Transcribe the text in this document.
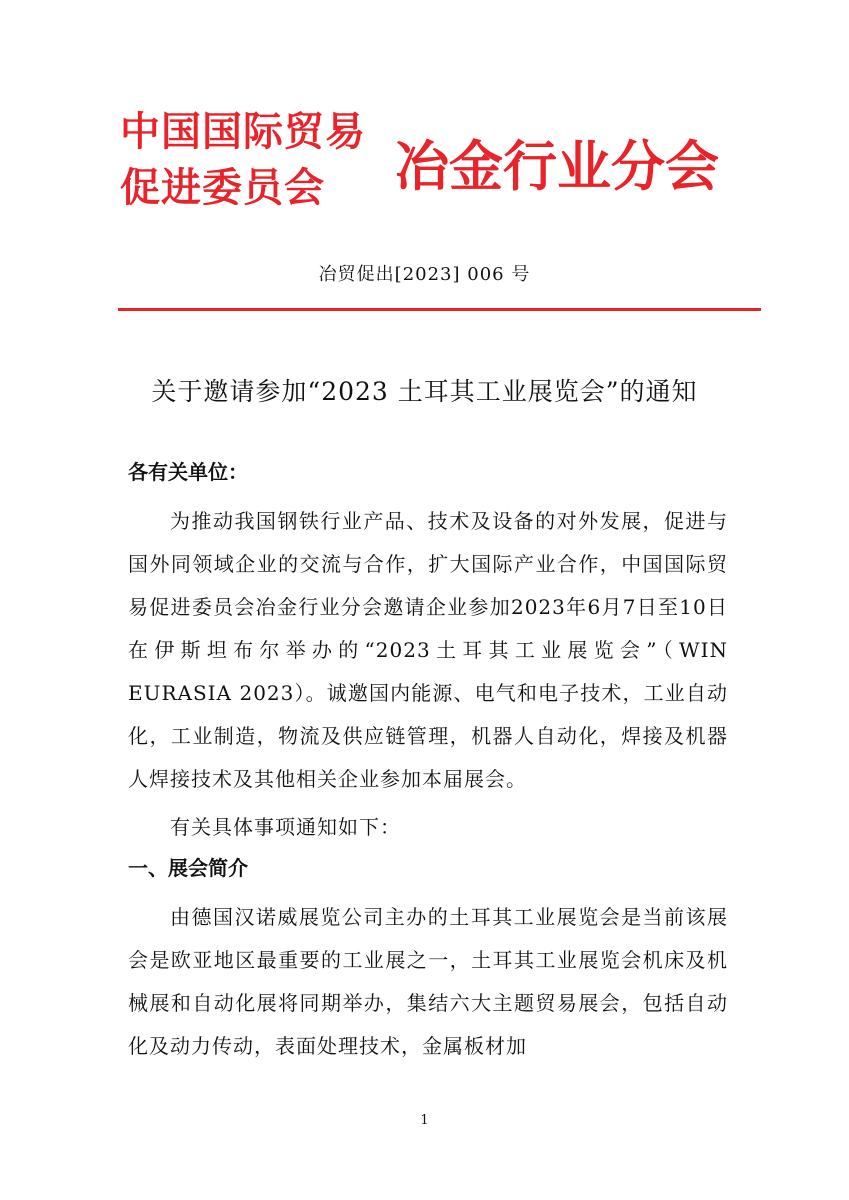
中国国际贸易
促进委员会	冶金行业分会
冶贸促出[2023] 006 号
关于邀请参加“2023 土耳其工业展览会”的通知
各有关单位：
为推动我国钢铁行业产品、技术及设备的对外发展，促进与国外同领域企业的交流与合作，扩大国际产业合作，中国国际贸易促进委员会冶金行业分会邀请企业参加2023年6月7日至10日在伊斯坦布尔举办的“2023土耳其工业展览会”（WIN EURASIA 2023）。诚邀国内能源、电气和电子技术，工业自动化，工业制造，物流及供应链管理，机器人自动化，焊接及机器人焊接技术及其他相关企业参加本届展会。
有关具体事项通知如下：
一、展会简介
由德国汉诺威展览公司主办的土耳其工业展览会是当前该展会是欧亚地区最重要的工业展之一，土耳其工业展览会机床及机械展和自动化展将同期举办，集结六大主题贸易展会，包括自动化及动力传动，表面处理技术，金属板材加
1
